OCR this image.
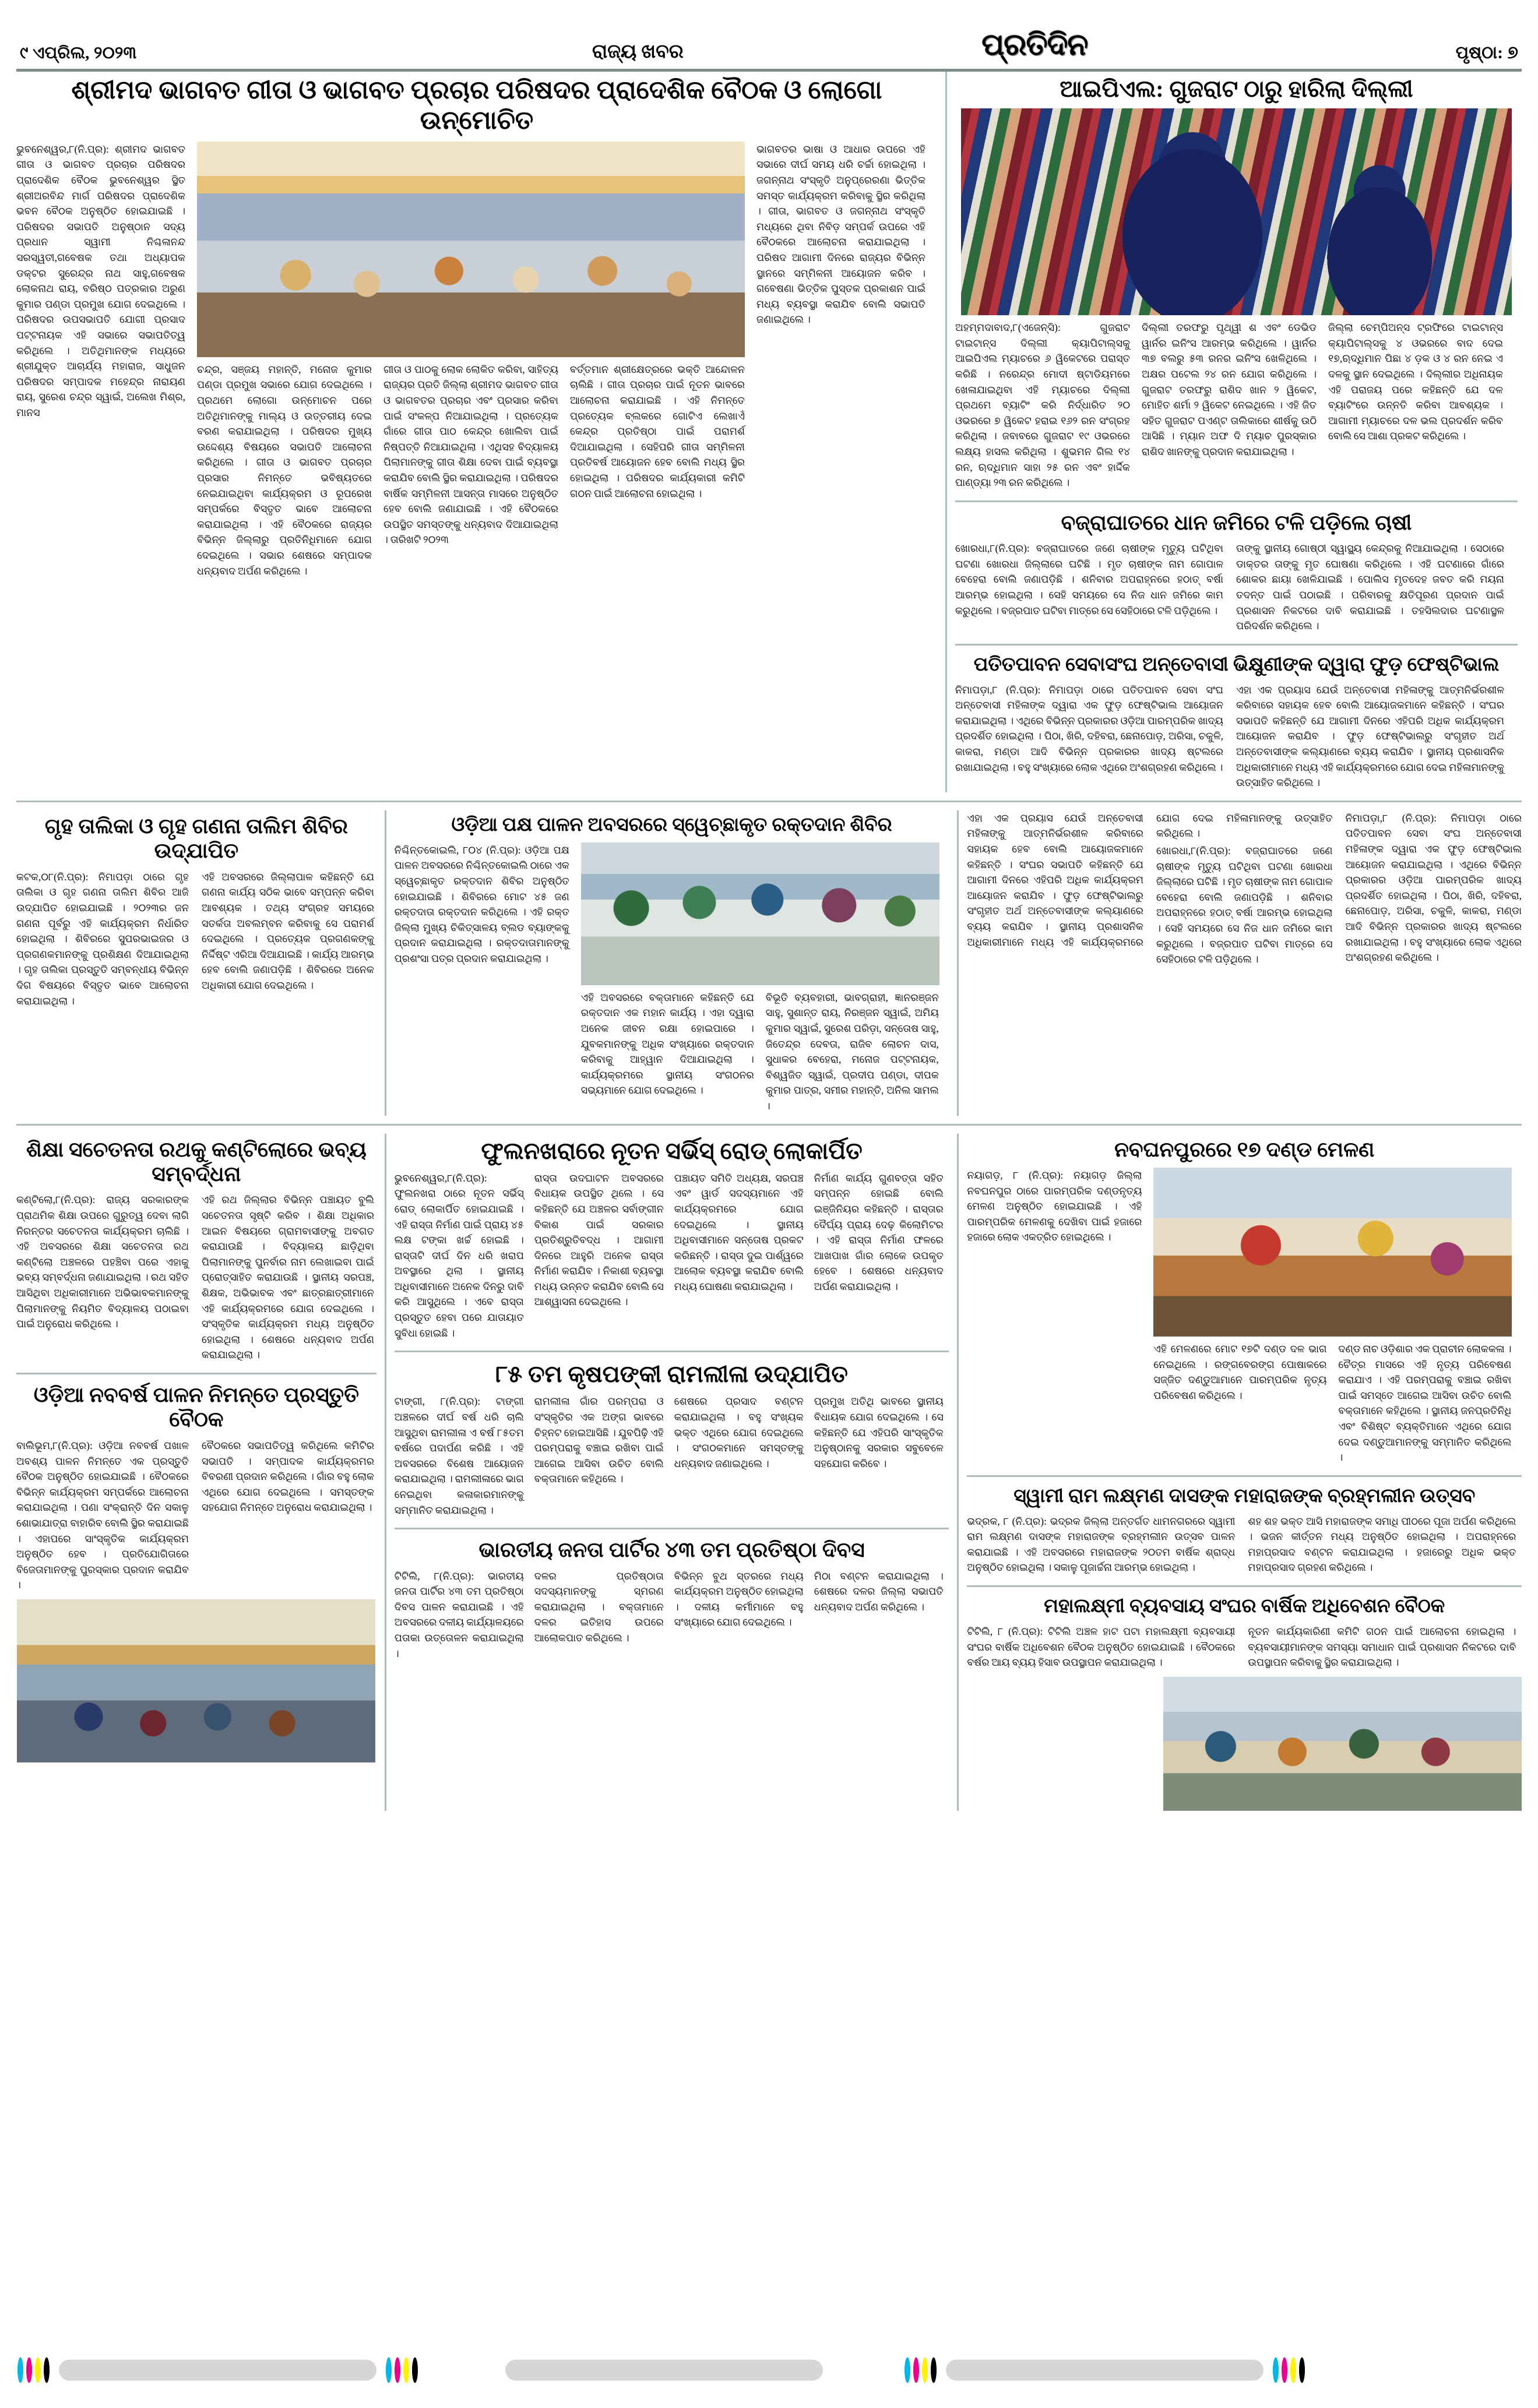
୯ ଏପ୍ରିଲ, ୨୦୨୩	ରାଜ୍ୟ ଖବର	ପ୍ରତିଦିନ	ପୃଷ୍ଠା: ୭
ଶ୍ରୀମଦ ଭାଗବତ ଗୀତା ଓ ଭାଗବତ ପ୍ରଚାର ପରିଷଦର ପ୍ରାଦେଶିକ ବୈଠକ ଓ ଲୋଗୋ ଉନ୍ମୋଚିତ

ଭୁବନେଶ୍ୱର,୮(ନି.ପ୍ର): ଶ୍ରୀମଦ ଭାଗବତ ଗୀତା ଓ ଭାଗବତ ପ୍ରଚାର ପରିଷଦର ପ୍ରାଦେଶିକ ବୈଠକ ଭୁବନେଶ୍ୱର ସ୍ଥିତ ଶ୍ରୀଅରବିନ୍ଦ ମାର୍ଗ ପରିଷଦର ପ୍ରାଦେଶିକ ଭବନ ବୈଠକ ଅନୁଷ୍ଠିତ ହୋଇଯାଇଛି । ପରିଷଦର ସଭାପତି ଅନୁଷ୍ଠାନ ସଦ୍ୟ ପ୍ରଧାନ ସ୍ୱାମୀ ନିଶ୍ଚଳାନନ୍ଦ ସରସ୍ୱତୀ,ଗବେଷକ ତଥା ଅଧ୍ୟାପକ ଡକ୍ଟର ସୁରେନ୍ଦ୍ର ନାଥ ସାହୁ,ଗବେଷକ ଲୋକନାଥ ରାୟ, ବରିଷ୍ଠ ପତ୍ରକାର ଅରୁଣ କୁମାର ପଣ୍ଡା ପ୍ରମୁଖ ଯୋଗ ଦେଇଥିଲେ । ପରିଷଦର ଉପସଭାପତି ଯୋଗୀ ପ୍ରସାଦ ପଟ୍ଟନାୟକ ଏହି ସଭାରେ ସଭାପତିତ୍ୱ କରିଥିଲେ । ଅତିଥିମାନଙ୍କ ମଧ୍ୟରେ ଶ୍ରୀଯୁକ୍ତ ଆଚାର୍ଯ୍ୟ ମହାରାଜ, ସାଧୁଜନ ପରିଷଦର ସମ୍ପାଦକ ମହେନ୍ଦ୍ର ନାରାୟଣ ରାୟ, ସୁରେଶ ଚନ୍ଦ୍ର ସ୍ୱାଇଁ, ଅଲେଖ ମିଶ୍ର, ମାନସ

ଚନ୍ଦ୍ର, ସଞ୍ଜୟ ମହାନ୍ତି, ମନୋଜ କୁମାର ପଣ୍ଡା ପ୍ରମୁଖ ସଭାରେ ଯୋଗ ଦେଇଥିଲେ । ପ୍ରଥମେ ଲୋଗୋ ଉନ୍ମୋଚନ ପରେ ଅତିଥିମାନଙ୍କୁ ମାଲ୍ୟ ଓ ଉତ୍ତରୀୟ ଦେଇ ବରଣ କରାଯାଇଥିଲା । ପରିଷଦର ମୁଖ୍ୟ ଉଦ୍ଦେଶ୍ୟ ବିଷୟରେ ସଭାପତି ଆଲୋଚନା କରିଥିଲେ । ଗୀତା ଓ ଭାଗବତ ପ୍ରଚାର ପ୍ରସାର ନିମନ୍ତେ ଭବିଷ୍ୟତରେ ନେଇଯାଇଥିବା କାର୍ଯ୍ୟକ୍ରମ ଓ ରୂପରେଖ ସମ୍ପର୍କରେ ବିସ୍ତୃତ ଭାବେ ଆଲୋଚନା କରାଯାଇଥିଲା । ଏହି ବୈଠକରେ ରାଜ୍ୟର ବିଭିନ୍ନ ଜିଲ୍ଲାରୁ ପ୍ରତିନିଧିମାନେ ଯୋଗ ଦେଇଥିଲେ । ସଭାର ଶେଷରେ ସମ୍ପାଦକ ଧନ୍ୟବାଦ ଅର୍ପଣ କରିଥିଲେ ।

ଗୀତା ଓ ପାଠକୁ ଲୋକ ଲୋକିତ କରିବା, ସାହିତ୍ୟ ରାଜ୍ୟର ପ୍ରତି ଜିଲ୍ଲା ଶ୍ରୀମଦ ଭାଗବତ ଗୀତା ଓ ଭାଗବତର ପ୍ରଚାର ଏବଂ ପ୍ରସାର କରିବା ପାଇଁ ସଂକଳ୍ପ ନିଆଯାଇଥିଲା । ପ୍ରତ୍ୟେକ ଗାଁରେ ଗୀତା ପାଠ କେନ୍ଦ୍ର ଖୋଲିବା ପାଇଁ ନିଷ୍ପତ୍ତି ନିଆଯାଇଥିଲା । ଏଥିସହ ବିଦ୍ୟାଳୟ ପିଲାମାନଙ୍କୁ ଗୀତା ଶିକ୍ଷା ଦେବା ପାଇଁ ବ୍ୟବସ୍ଥା କରାଯିବ ବୋଲି ସ୍ଥିର କରାଯାଇଥିଲା । ପରିଷଦର ବାର୍ଷିକ ସମ୍ମିଳନୀ ଆସନ୍ତା ମାସରେ ଅନୁଷ୍ଠିତ ହେବ ବୋଲି ଜଣାଯାଇଛି । ଏହି ବୈଠକରେ ଉପସ୍ଥିତ ସମସ୍ତଙ୍କୁ ଧନ୍ୟବାଦ ଦିଆଯାଇଥିଲା । ତାରିଖଟି ୨୦୨୩

ବର୍ତ୍ତମାନ ଶ୍ରୀକ୍ଷେତ୍ରରେ ଭକ୍ତି ଆନ୍ଦୋଳନ ଚାଲିଛି । ଗୀତା ପ୍ରଚାର ପାଇଁ ନୂତନ ଭାବରେ ଆଲୋଚନା କରାଯାଇଛି । ଏହି ନିମନ୍ତେ ପ୍ରତ୍ୟେକ ବ୍ଲକରେ ଗୋଟିଏ ଲେଖାଏଁ କେନ୍ଦ୍ର ପ୍ରତିଷ୍ଠା ପାଇଁ ପରାମର୍ଶ ଦିଆଯାଇଥିଲା । ସେହିପରି ଗୀତା ସମ୍ମିଳନୀ ପ୍ରତିବର୍ଷ ଆୟୋଜନ ହେବ ବୋଲି ମଧ୍ୟ ସ୍ଥିର ହୋଇଥିଲା । ପରିଷଦର କାର୍ଯ୍ୟକାରୀ କମିଟି ଗଠନ ପାଇଁ ଆଲୋଚନା ହୋଇଥିଲା ।

ଭାଗବତର ଭାଷା ଓ ଆଧାର ଉପରେ ଏହି ସଭାରେ ଦୀର୍ଘ ସମୟ ଧରି ଚର୍ଚ୍ଚା ହୋଇଥିଲା । ଜଗନ୍ନାଥ ସଂସ୍କୃତି ଅନୁପ୍ରେରଣା ଭିତ୍ତିକ ସମସ୍ତ କାର୍ଯ୍ୟକ୍ରମ କରିବାକୁ ସ୍ଥିର କରିଥିଲା । ଗୀତା, ଭାଗବତ ଓ ଜଗନ୍ନାଥ ସଂସ୍କୃତି ମଧ୍ୟରେ ଥିବା ନିବିଡ଼ ସମ୍ପର୍କ ଉପରେ ଏହି ବୈଠକରେ ଆଲୋଚନା କରାଯାଇଥିଲା । ପରିଷଦ ଆଗାମୀ ଦିନରେ ରାଜ୍ୟର ବିଭିନ୍ନ ସ୍ଥାନରେ ସମ୍ମିଳନୀ ଆୟୋଜନ କରିବ । ଗବେଷଣା ଭିତ୍ତିକ ପୁସ୍ତକ ପ୍ରକାଶନ ପାଇଁ ମଧ୍ୟ ବ୍ୟବସ୍ଥା କରାଯିବ ବୋଲି ସଭାପତି ଜଣାଇଥିଲେ ।

ଆଇପିଏଲ: ଗୁଜରାଟ ଠାରୁ ହାରିଲା ଦିଲ୍ଲୀ

ଅହମ୍ମଦାବାଦ,୮(ଏଜେନ୍ସି): ଗୁଜରାଟ ଟାଇଟାନ୍ସ ଦିଲ୍ଲୀ କ୍ୟାପିଟାଲ୍ସକୁ ଆଇପିଏଲ ମ୍ୟାଚରେ ୬ ୱିକେଟରେ ପରାସ୍ତ କରିଛି । ନରେନ୍ଦ୍ର ମୋଦୀ ଷ୍ଟାଡିୟମରେ ଖେଳାଯାଇଥିବା ଏହି ମ୍ୟାଚରେ ଦିଲ୍ଲୀ ପ୍ରଥମେ ବ୍ୟାଟିଂ କରି ନିର୍ଦ୍ଧାରିତ ୨୦ ଓଭରରେ ୭ ୱିକେଟ ହରାଇ ୧୬୨ ରନ ସଂଗ୍ରହ କରିଥିଲା । ଜବାବରେ ଗୁଜରାଟ ୧୯ ଓଭରରେ ଲକ୍ଷ୍ୟ ହାସଲ କରିଥିଲା । ଶୁଭମନ ଗିଲ ୧୪ ରନ, ଋଦ୍ଧିମାନ ସାହା ୨୫ ରନ ଏବଂ ହାର୍ଦ୍ଦିକ ପାଣ୍ଡ୍ୟା ୨୩ ରନ କରିଥିଲେ ।

ଦିଲ୍ଲୀ ତରଫରୁ ପୃଥ୍ୱୀ ଶ ଏବଂ ଡେଭିଡ ୱାର୍ନର ଇନିଂସ ଆରମ୍ଭ କରିଥିଲେ । ୱାର୍ନର ୩୭ ବଲରୁ ୫୩ ରନର ଇନିଂସ ଖେଳିଥିଲେ । ଅକ୍ଷର ପଟେଲ ୨୪ ରନ ଯୋଗ କରିଥିଲେ । ଗୁଜରାଟ ତରଫରୁ ରାଶିଦ ଖାନ ୨ ୱିକେଟ, ମୋହିତ ଶର୍ମା ୨ ୱିକେଟ ନେଇଥିଲେ । ଏହି ଜିତ ସହିତ ଗୁଜରାଟ ପଏଣ୍ଟ ତାଲିକାରେ ଶୀର୍ଷକୁ ଉଠି ଆସିଛି । ମ୍ୟାନ ଅଫ ଦି ମ୍ୟାଚ ପୁରସ୍କାର ରାଶିଦ ଖାନଙ୍କୁ ପ୍ରଦାନ କରାଯାଇଥିଲା ।

ଜିଲ୍ଲା ଚେମ୍ପିଅନ୍ସ ଟ୍ରଫିରେ ଟାଇଟାନ୍ସ କ୍ୟାପିଟାଲ୍ସକୁ ୪ ଓଭରରେ ବାଦ ଦେଇ ୧୭,ଋଦ୍ଧିମାନ ପିଛା ୪ ଡ଼କ ଓ ୪ ରନ ନେଇ ଏ ଦଳକୁ ସ୍ଥାନ ଦେଇଥିଲେ । ଦିଲ୍ଲୀର ଅଧିନାୟକ ଏହି ପରାଜୟ ପରେ କହିଛନ୍ତି ଯେ ଦଳ ବ୍ୟାଟିଂରେ ଉନ୍ନତି କରିବା ଆବଶ୍ୟକ । ଆଗାମୀ ମ୍ୟାଚରେ ଦଳ ଭଲ ପ୍ରଦର୍ଶନ କରିବ ବୋଲି ସେ ଆଶା ପ୍ରକଟ କରିଥିଲେ ।

ବଜ୍ରାଘାତରେ ଧାନ ଜମିରେ ଟଳି ପଡ଼ିଲେ ଚାଷୀ

ଖୋରଧା,୮(ନି.ପ୍ର): ବଜ୍ରାଘାତରେ ଜଣେ ଚାଷୀଙ୍କ ମୃତ୍ୟୁ ଘଟିଥିବା ଘଟଣା ଖୋରଧା ଜିଲ୍ଲାରେ ଘଟିଛି । ମୃତ ଚାଷୀଙ୍କ ନାମ ଗୋପାଳ ବେହେରା ବୋଲି ଜଣାପଡ଼ିଛି । ଶନିବାର ଅପରାହ୍ନରେ ହଠାତ୍ ବର୍ଷା ଆରମ୍ଭ ହୋଇଥିଲା । ସେହି ସମୟରେ ସେ ନିଜ ଧାନ ଜମିରେ କାମ କରୁଥିଲେ । ବଜ୍ରପାତ ଘଟିବା ମାତ୍ରେ ସେ ସେହିଠାରେ ଟଳି ପଡ଼ିଥିଲେ ।

ତାଙ୍କୁ ସ୍ଥାନୀୟ ଗୋଷ୍ଠୀ ସ୍ୱାସ୍ଥ୍ୟ କେନ୍ଦ୍ରକୁ ନିଆଯାଇଥିଲା । ସେଠାରେ ଡାକ୍ତର ତାଙ୍କୁ ମୃତ ଘୋଷଣା କରିଥିଲେ । ଏହି ଘଟଣାରେ ଗାଁରେ ଶୋକର ଛାୟା ଖେଳିଯାଇଛି । ପୋଲିସ ମୃତଦେହ ଜବତ କରି ମୟନା ତଦନ୍ତ ପାଇଁ ପଠାଇଛି । ପରିବାରକୁ କ୍ଷତିପୂରଣ ପ୍ରଦାନ ପାଇଁ ପ୍ରଶାସନ ନିକଟରେ ଦାବି କରାଯାଇଛି । ତହସିଲଦାର ଘଟଣାସ୍ଥଳ ପରିଦର୍ଶନ କରିଥିଲେ ।

ପତିତପାବନ ସେବାସଂଘ ଅନ୍ତେବାସୀ ଭିକ୍ଷୁଣୀଙ୍କ ଦ୍ୱାରା ଫୁଡ଼ ଫେଷ୍ଟିଭାଲ

ନିମାପଡ଼ା,୮ (ନି.ପ୍ର): ନିମାପଡ଼ା ଠାରେ ପତିତପାବନ ସେବା ସଂଘ ଅନ୍ତେବାସୀ ମହିଳାଙ୍କ ଦ୍ୱାରା ଏକ ଫୁଡ଼ ଫେଷ୍ଟିଭାଲ ଆୟୋଜନ କରାଯାଇଥିଲା । ଏଥିରେ ବିଭିନ୍ନ ପ୍ରକାରର ଓଡ଼ିଆ ପାରମ୍ପରିକ ଖାଦ୍ୟ ପ୍ରଦର୍ଶିତ ହୋଇଥିଲା । ପିଠା, ଖିରି, ଦହିବରା, ଛେନାପୋଡ଼, ଅରିସା, ଚକୁଳି, କାକରା, ମଣ୍ଡା ଆଦି ବିଭିନ୍ନ ପ୍ରକାରର ଖାଦ୍ୟ ଷ୍ଟଲରେ ରଖାଯାଇଥିଲା । ବହୁ ସଂଖ୍ୟାରେ ଲୋକ ଏଥିରେ ଅଂଶଗ୍ରହଣ କରିଥିଲେ ।

ଏହା ଏକ ପ୍ରୟାସ ଯେଉଁ ଅନ୍ତେବାସୀ ମହିଳାଙ୍କୁ ଆତ୍ମନିର୍ଭରଶୀଳ କରିବାରେ ସହାୟକ ହେବ ବୋଲି ଆୟୋଜକମାନେ କହିଛନ୍ତି । ସଂଘର ସଭାପତି କହିଛନ୍ତି ଯେ ଆଗାମୀ ଦିନରେ ଏହିପରି ଅଧିକ କାର୍ଯ୍ୟକ୍ରମ ଆୟୋଜନ କରାଯିବ । ଫୁଡ଼ ଫେଷ୍ଟିଭାଲରୁ ସଂଗୃହୀତ ଅର୍ଥ ଅନ୍ତେବାସୀଙ୍କ କଲ୍ୟାଣରେ ବ୍ୟୟ କରାଯିବ । ସ୍ଥାନୀୟ ପ୍ରଶାସନିକ ଅଧିକାରୀମାନେ ମଧ୍ୟ ଏହି କାର୍ଯ୍ୟକ୍ରମରେ ଯୋଗ ଦେଇ ମହିଳାମାନଙ୍କୁ ଉତ୍ସାହିତ କରିଥିଲେ ।

ଗୃହ ତାଲିକା ଓ ଗୃହ ଗଣନା ତାଲିମ ଶିବିର ଉଦ୍‌ଯାପିତ

କଟକ,୦୮(ନି.ପ୍ର): ନିମାପଡ଼ା ଠାରେ ଗୃହ ତାଲିକା ଓ ଗୃହ ଗଣନା ତାଲିମ ଶିବିର ଆଜି ଉଦ୍‌ଯାପିତ ହୋଇଯାଇଛି । ୨୦୨୩ର ଜନ ଗଣନା ପୂର୍ବରୁ ଏହି କାର୍ଯ୍ୟକ୍ରମ ନିର୍ଧାରିତ ହୋଇଥିଲା । ଶିବିରରେ ସୁପରଭାଇଜର ଓ ପ୍ରଗଣକମାନଙ୍କୁ ପ୍ରଶିକ୍ଷଣ ଦିଆଯାଇଥିଲା । ଗୃହ ତାଲିକା ପ୍ରସ୍ତୁତି ସମ୍ବନ୍ଧୀୟ ବିଭିନ୍ନ ଦିଗ ବିଷୟରେ ବିସ୍ତୃତ ଭାବେ ଆଲୋଚନା କରାଯାଇଥିଲା ।

ଏହି ଅବସରରେ ଜିଲ୍ଲାପାଳ କହିଛନ୍ତି ଯେ ଗଣନା କାର୍ଯ୍ୟ ସଠିକ ଭାବେ ସମ୍ପନ୍ନ କରିବା ଆବଶ୍ୟକ । ତଥ୍ୟ ସଂଗ୍ରହ ସମୟରେ ସତର୍କତା ଅବଲମ୍ବନ କରିବାକୁ ସେ ପରାମର୍ଶ ଦେଇଥିଲେ । ପ୍ରତ୍ୟେକ ପ୍ରଗଣକଙ୍କୁ ନିର୍ଦ୍ଦିଷ୍ଟ ଏରିଆ ଦିଆଯାଇଛି । କାର୍ଯ୍ୟ ଆରମ୍ଭ ହେବ ବୋଲି ଜଣାପଡ଼ିଛି । ଶିବିରରେ ଅନେକ ଅଧିକାରୀ ଯୋଗ ଦେଇଥିଲେ ।

ଓଡ଼ିଆ ପକ୍ଷ ପାଳନ ଅବସରରେ ସ୍ୱେଚ୍ଛାକୃତ ରକ୍ତଦାନ ଶିବିର

ନିଶ୍ଚିନ୍ତକୋଇଲି, ୮୦୪ (ନି.ପ୍ର): ଓଡ଼ିଆ ପକ୍ଷ ପାଳନ ଅବସରରେ ନିଶ୍ଚିନ୍ତକୋଇଲି ଠାରେ ଏକ ସ୍ୱେଚ୍ଛାକୃତ ରକ୍ତଦାନ ଶିବିର ଅନୁଷ୍ଠିତ ହୋଇଯାଇଛି । ଶିବିରରେ ମୋଟ ୪୫ ଜଣ ରକ୍ତଦାତା ରକ୍ତଦାନ କରିଥିଲେ । ଏହି ରକ୍ତ ଜିଲ୍ଲା ମୁଖ୍ୟ ଚିକିତ୍ସାଳୟ ବ୍ଲଡ ବ୍ୟାଙ୍କକୁ ପ୍ରଦାନ କରାଯାଇଥିଲା । ରକ୍ତଦାତାମାନଙ୍କୁ ପ୍ରଶଂସା ପତ୍ର ପ୍ରଦାନ କରାଯାଇଥିଲା ।

ଏହି ଅବସରରେ ବକ୍ତାମାନେ କହିଛନ୍ତି ଯେ ରକ୍ତଦାନ ଏକ ମହାନ କାର୍ଯ୍ୟ । ଏହା ଦ୍ୱାରା ଅନେକ ଜୀବନ ରକ୍ଷା ହୋଇପାରେ । ଯୁବକମାନଙ୍କୁ ଅଧିକ ସଂଖ୍ୟାରେ ରକ୍ତଦାନ କରିବାକୁ ଆହ୍ୱାନ ଦିଆଯାଇଥିଲା । କାର୍ଯ୍ୟକ୍ରମରେ ସ୍ଥାନୀୟ ସଂଗଠନର ସଭ୍ୟମାନେ ଯୋଗ ଦେଇଥିଲେ ।

ବିଭୂତି ବ୍ୟବହାରୀ, ଭାବଗ୍ରାହୀ, ଜ୍ଞାନରଞ୍ଜନ ସାହୁ, ସୁଶାନ୍ତ ରାୟ, ନିରଞ୍ଜନ ସ୍ୱାଇଁ, ଅମିୟ କୁମାର ସ୍ୱାଇଁ, ସୁରେଶ ପରିଡ଼ା, ସନ୍ତୋଷ ସାହୁ, ଜିତେନ୍ଦ୍ର ଦେବତା, ରାଜିବ ଲୋଚନ ଦାସ, ସୁଧାକର ବେହେରା, ମନୋଜ ପଟ୍ଟନାୟକ, ବିଶ୍ୱଜିତ ସ୍ୱାଇଁ, ପ୍ରଦୀପ ପଣ୍ଡା, ଦୀପକ କୁମାର ପାତ୍ର, ସମୀର ମହାନ୍ତି, ଅନିଲ ସାମଲ ।

ଏହା ଏକ ପ୍ରୟାସ ଯେଉଁ ଅନ୍ତେବାସୀ ମହିଳାଙ୍କୁ ଆତ୍ମନିର୍ଭରଶୀଳ କରିବାରେ ସହାୟକ ହେବ ବୋଲି ଆୟୋଜକମାନେ କହିଛନ୍ତି । ସଂଘର ସଭାପତି କହିଛନ୍ତି ଯେ ଆଗାମୀ ଦିନରେ ଏହିପରି ଅଧିକ କାର୍ଯ୍ୟକ୍ରମ ଆୟୋଜନ କରାଯିବ । ଫୁଡ଼ ଫେଷ୍ଟିଭାଲରୁ ସଂଗୃହୀତ ଅର୍ଥ ଅନ୍ତେବାସୀଙ୍କ କଲ୍ୟାଣରେ ବ୍ୟୟ କରାଯିବ । ସ୍ଥାନୀୟ ପ୍ରଶାସନିକ ଅଧିକାରୀମାନେ ମଧ୍ୟ ଏହି କାର୍ଯ୍ୟକ୍ରମରେ ଯୋଗ ଦେଇ ମହିଳାମାନଙ୍କୁ ଉତ୍ସାହିତ କରିଥିଲେ ।

ଖୋରଧା,୮(ନି.ପ୍ର): ବଜ୍ରାଘାତରେ ଜଣେ ଚାଷୀଙ୍କ ମୃତ୍ୟୁ ଘଟିଥିବା ଘଟଣା ଖୋରଧା ଜିଲ୍ଲାରେ ଘଟିଛି । ମୃତ ଚାଷୀଙ୍କ ନାମ ଗୋପାଳ ବେହେରା ବୋଲି ଜଣାପଡ଼ିଛି । ଶନିବାର ଅପରାହ୍ନରେ ହଠାତ୍ ବର୍ଷା ଆରମ୍ଭ ହୋଇଥିଲା । ସେହି ସମୟରେ ସେ ନିଜ ଧାନ ଜମିରେ କାମ କରୁଥିଲେ । ବଜ୍ରପାତ ଘଟିବା ମାତ୍ରେ ସେ ସେହିଠାରେ ଟଳି ପଡ଼ିଥିଲେ ।

ନିମାପଡ଼ା,୮ (ନି.ପ୍ର): ନିମାପଡ଼ା ଠାରେ ପତିତପାବନ ସେବା ସଂଘ ଅନ୍ତେବାସୀ ମହିଳାଙ୍କ ଦ୍ୱାରା ଏକ ଫୁଡ଼ ଫେଷ୍ଟିଭାଲ ଆୟୋଜନ କରାଯାଇଥିଲା । ଏଥିରେ ବିଭିନ୍ନ ପ୍ରକାରର ଓଡ଼ିଆ ପାରମ୍ପରିକ ଖାଦ୍ୟ ପ୍ରଦର୍ଶିତ ହୋଇଥିଲା । ପିଠା, ଖିରି, ଦହିବରା, ଛେନାପୋଡ଼, ଅରିସା, ଚକୁଳି, କାକରା, ମଣ୍ଡା ଆଦି ବିଭିନ୍ନ ପ୍ରକାରର ଖାଦ୍ୟ ଷ୍ଟଲରେ ରଖାଯାଇଥିଲା । ବହୁ ସଂଖ୍ୟାରେ ଲୋକ ଏଥିରେ ଅଂଶଗ୍ରହଣ କରିଥିଲେ ।

ଶିକ୍ଷା ସଚେତନତା ରଥକୁ କଣ୍ଟିଲୋରେ ଭବ୍ୟ ସମ୍ବର୍ଦ୍ଧନା

କଣ୍ଟିଲୋ,୮(ନି.ପ୍ର): ରାଜ୍ୟ ସରକାରଙ୍କ ପ୍ରାଥମିକ ଶିକ୍ଷା ଉପରେ ଗୁରୁତ୍ୱ ଦେବା ଲାଗି ନିରନ୍ତର ସଚେତନତା କାର୍ଯ୍ୟକ୍ରମ ଚାଲିଛି । ଏହି ଅବସରରେ ଶିକ୍ଷା ସଚେତନତା ରଥ କଣ୍ଟିଲୋ ଅଞ୍ଚଳରେ ପହଞ୍ଚିବା ପରେ ଏହାକୁ ଭବ୍ୟ ସମ୍ବର୍ଦ୍ଧନା ଜଣାଯାଇଥିଲା । ରଥ ସହିତ ଆସିଥିବା ଅଧିକାରୀମାନେ ଅଭିଭାବକମାନଙ୍କୁ ପିଲାମାନଙ୍କୁ ନିୟମିତ ବିଦ୍ୟାଳୟ ପଠାଇବା ପାଇଁ ଅନୁରୋଧ କରିଥିଲେ ।

ଏହି ରଥ ଜିଲ୍ଲାର ବିଭିନ୍ନ ପଞ୍ଚାୟତ ବୁଲି ସଚେତନତା ସୃଷ୍ଟି କରିବ । ଶିକ୍ଷା ଅଧିକାର ଆଇନ ବିଷୟରେ ଗ୍ରାମବାସୀଙ୍କୁ ଅବଗତ କରାଯାଉଛି । ବିଦ୍ୟାଳୟ ଛାଡ଼ିଥିବା ପିଲାମାନଙ୍କୁ ପୁନର୍ବାର ନାମ ଲେଖାଇବା ପାଇଁ ପ୍ରୋତ୍ସାହିତ କରାଯାଉଛି । ସ୍ଥାନୀୟ ସରପଞ୍ଚ, ଶିକ୍ଷକ, ଅଭିଭାବକ ଏବଂ ଛାତ୍ରଛାତ୍ରୀମାନେ ଏହି କାର୍ଯ୍ୟକ୍ରମରେ ଯୋଗ ଦେଇଥିଲେ । ସଂସ୍କୃତିକ କାର୍ଯ୍ୟକ୍ରମ ମଧ୍ୟ ଅନୁଷ୍ଠିତ ହୋଇଥିଲା । ଶେଷରେ ଧନ୍ୟବାଦ ଅର୍ପଣ କରାଯାଇଥିଲା ।

ଓଡ଼ିଆ ନବବର୍ଷ ପାଳନ ନିମନ୍ତେ ପ୍ରସ୍ତୁତି ବୈଠକ

ବାଲିଭୂମ,୮(ନି.ପ୍ର): ଓଡ଼ିଆ ନବବର୍ଷ ପଖାଳ ଅବଶ୍ୟ ପାଳନ ନିମନ୍ତେ ଏକ ପ୍ରସ୍ତୁତି ବୈଠକ ଅନୁଷ୍ଠିତ ହୋଇଯାଇଛି । ବୈଠକରେ ବିଭିନ୍ନ କାର୍ଯ୍ୟକ୍ରମ ସମ୍ପର୍କରେ ଆଲୋଚନା କରାଯାଇଥିଲା । ପଣା ସଂକ୍ରାନ୍ତି ଦିନ ସକାଳୁ ଶୋଭାଯାତ୍ରା ବାହାରିବ ବୋଲି ସ୍ଥିର କରାଯାଇଛି । ଏହାପରେ ସାଂସ୍କୃତିକ କାର୍ଯ୍ୟକ୍ରମ ଅନୁଷ୍ଠିତ ହେବ । ପ୍ରତିଯୋଗିତାରେ ବିଜେତାମାନଙ୍କୁ ପୁରସ୍କାର ପ୍ରଦାନ କରାଯିବ ।

ବୈଠକରେ ସଭାପତିତ୍ୱ କରିଥିଲେ କମିଟିର ସଭାପତି । ସମ୍ପାଦକ କାର୍ଯ୍ୟକ୍ରମର ବିବରଣୀ ପ୍ରଦାନ କରିଥିଲେ । ଗାଁର ବହୁ ଲୋକ ଏଥିରେ ଯୋଗ ଦେଇଥିଲେ । ସମସ୍ତଙ୍କ ସହଯୋଗ ନିମନ୍ତେ ଅନୁରୋଧ କରାଯାଇଥିଲା ।

ଫୁଲନଖରାରେ ନୂତନ ସର୍ଭିସ୍ ରୋଡ୍ ଲୋକାର୍ପିତ

ଭୁବନେଶ୍ୱର,୮(ନି.ପ୍ର): ଫୁଲନଖରା ଠାରେ ନୂତନ ସର୍ଭିସ୍ ରୋଡ୍ ଲୋକାର୍ପିତ ହୋଇଯାଇଛି । ଏହି ରାସ୍ତା ନିର୍ମାଣ ପାଇଁ ପ୍ରାୟ ୪୫ ଲକ୍ଷ ଟଙ୍କା ଖର୍ଚ୍ଚ ହୋଇଛି । ରାସ୍ତାଟି ଦୀର୍ଘ ଦିନ ଧରି ଖରାପ ଅବସ୍ଥାରେ ଥିଲା । ସ୍ଥାନୀୟ ଅଧିବାସୀମାନେ ଅନେକ ଦିନରୁ ଦାବି କରି ଆସୁଥିଲେ । ଏବେ ରାସ୍ତା ପ୍ରସ୍ତୁତ ହେବା ପରେ ଯାତାୟାତ ସୁବିଧା ହୋଇଛି ।

ରାସ୍ତା ଉଦଘାଟନ ଅବସରରେ ବିଧାୟକ ଉପସ୍ଥିତ ଥିଲେ । ସେ କହିଛନ୍ତି ଯେ ଅଞ୍ଚଳର ସର୍ବାଙ୍ଗୀନ ବିକାଶ ପାଇଁ ସରକାର ପ୍ରତିଶ୍ରୁତିବଦ୍ଧ । ଆଗାମୀ ଦିନରେ ଆହୁରି ଅନେକ ରାସ୍ତା ନିର୍ମାଣ କରାଯିବ । ନିକାଶୀ ବ୍ୟବସ୍ଥା ମଧ୍ୟ ଉନ୍ନତ କରାଯିବ ବୋଲି ସେ ଆଶ୍ୱାସନା ଦେଇଥିଲେ ।

ପଞ୍ଚାୟତ ସମିତି ଅଧ୍ୟକ୍ଷ, ସରପଞ୍ଚ ଏବଂ ୱାର୍ଡ ସଦସ୍ୟମାନେ ଏହି କାର୍ଯ୍ୟକ୍ରମରେ ଯୋଗ ଦେଇଥିଲେ । ସ୍ଥାନୀୟ ଅଧିବାସୀମାନେ ସନ୍ତୋଷ ପ୍ରକଟ କରିଛନ୍ତି । ରାସ୍ତା ଦୁଇ ପାର୍ଶ୍ୱରେ ଆଲୋକ ବ୍ୟବସ୍ଥା କରାଯିବ ବୋଲି ମଧ୍ୟ ଘୋଷଣା କରାଯାଇଥିଲା ।

ନିର୍ମାଣ କାର୍ଯ୍ୟ ଗୁଣବତ୍ତା ସହିତ ସମ୍ପନ୍ନ ହୋଇଛି ବୋଲି ଇଞ୍ଜିନିୟର କହିଛନ୍ତି । ରାସ୍ତାର ଦୈର୍ଘ୍ୟ ପ୍ରାୟ ଦେଢ଼ କିଲୋମିଟର । ଏହି ରାସ୍ତା ନିର୍ମାଣ ଫଳରେ ଆଖପାଖ ଗାଁର ଲୋକେ ଉପକୃତ ହେବେ । ଶେଷରେ ଧନ୍ୟବାଦ ଅର୍ପଣ କରାଯାଇଥିଲା ।

୮୫ ତମ କୃଷପଙ୍କୀ ରାମଲୀଳା ଉଦ୍‌ଯାପିତ

ଟାଙ୍ଗୀ, ୮(ନି.ପ୍ର): ଟାଙ୍ଗୀ ଅଞ୍ଚଳରେ ଦୀର୍ଘ ବର୍ଷ ଧରି ଚାଲି ଆସୁଥିବା ରାମଲୀଳା ଏ ବର୍ଷ ୮୫ତମ ବର୍ଷରେ ପଦାର୍ପଣ କରିଛି । ଏହି ଅବସରରେ ବିଶେଷ ଆୟୋଜନ କରାଯାଇଥିଲା । ରାମଲୀଳାରେ ଭାଗ ନେଇଥିବା କଳାକାରମାନଙ୍କୁ ସମ୍ମାନିତ କରାଯାଇଥିଲା ।

ରାମଲୀଳା ଗାଁର ପରମ୍ପରା ଓ ସଂସ୍କୃତିର ଏକ ଅଙ୍ଗ ଭାବରେ ଚିହ୍ନଟ ହୋଇଆସିଛି । ଯୁବପିଢ଼ି ଏହି ପରମ୍ପରାକୁ ବଞ୍ଚାଇ ରଖିବା ପାଇଁ ଆଗେଇ ଆସିବା ଉଚିତ ବୋଲି ବକ୍ତାମାନେ କହିଥିଲେ ।

ଶେଷରେ ପ୍ରସାଦ ବଣ୍ଟନ କରାଯାଇଥିଲା । ବହୁ ସଂଖ୍ୟକ ଭକ୍ତ ଏଥିରେ ଯୋଗ ଦେଇଥିଲେ । ସଂଗଠକମାନେ ସମସ୍ତଙ୍କୁ ଧନ୍ୟବାଦ ଜଣାଇଥିଲେ ।

ପ୍ରମୁଖ ଅତିଥି ଭାବରେ ସ୍ଥାନୀୟ ବିଧାୟକ ଯୋଗ ଦେଇଥିଲେ । ସେ କହିଛନ୍ତି ଯେ ଏହିପରି ସାଂସ୍କୃତିକ ଅନୁଷ୍ଠାନକୁ ସରକାର ସବୁବେଳେ ସହଯୋଗ କରିବେ ।

ଭାରତୀୟ ଜନତା ପାର୍ଟିର ୪୩ ତମ ପ୍ରତିଷ୍ଠା ଦିବସ

ଟିଟିଲି, ୮(ନି.ପ୍ର): ଭାରତୀୟ ଜନତା ପାର୍ଟିର ୪୩ ତମ ପ୍ରତିଷ୍ଠା ଦିବସ ପାଳନ କରାଯାଇଛି । ଏହି ଅବସରରେ ଦଳୀୟ କାର୍ଯ୍ୟାଳୟରେ ପତାକା ଉତ୍ତୋଳନ କରାଯାଇଥିଲା ।

ଦଳର ପ୍ରତିଷ୍ଠାତା ସଦସ୍ୟମାନଙ୍କୁ ସ୍ମରଣ କରାଯାଇଥିଲା । ବକ୍ତାମାନେ ଦଳର ଇତିହାସ ଉପରେ ଆଲୋକପାତ କରିଥିଲେ ।

ବିଭିନ୍ନ ବୁଥ ସ୍ତରରେ ମଧ୍ୟ କାର୍ଯ୍ୟକ୍ରମ ଅନୁଷ୍ଠିତ ହୋଇଥିଲା । ଦଳୀୟ କର୍ମୀମାନେ ବହୁ ସଂଖ୍ୟାରେ ଯୋଗ ଦେଇଥିଲେ ।

ମିଠା ବଣ୍ଟନ କରାଯାଇଥିଲା । ଶେଷରେ ଦଳର ଜିଲ୍ଲା ସଭାପତି ଧନ୍ୟବାଦ ଅର୍ପଣ କରିଥିଲେ ।

ନବଘନପୁରରେ ୧୭ ଦଣ୍ଡ ମେଳଣ

ନୟାଗଡ଼, ୮ (ନି.ପ୍ର): ନୟାଗଡ଼ ଜିଲ୍ଲା ନବଘନପୁର ଠାରେ ପାରମ୍ପରିକ ଦଣ୍ଡନୃତ୍ୟ ମେଳଣ ଅନୁଷ୍ଠିତ ହୋଇଯାଇଛି । ଏହି ପାରମ୍ପରିକ ମେଳଣକୁ ଦେଖିବା ପାଇଁ ହଜାରେ ହଜାରେ ଲୋକ ଏକତ୍ରିତ ହୋଇଥିଲେ ।

ଏହି ମେଳଣରେ ମୋଟ ୧୭ଟି ଦଣ୍ଡ ଦଳ ଭାଗ ନେଇଥିଲେ । ରଙ୍ଗବେରଙ୍ଗ ପୋଷାକରେ ସଜ୍ଜିତ ଦଣ୍ଡୁଆମାନେ ପାରମ୍ପରିକ ନୃତ୍ୟ ପରିବେଷଣ କରିଥିଲେ ।

ଦଣ୍ଡ ନାଚ ଓଡ଼ିଶାର ଏକ ପ୍ରାଚୀନ ଲୋକକଳା । ଚୈତ୍ର ମାସରେ ଏହି ନୃତ୍ୟ ପରିବେଷଣ କରାଯାଏ । ଏହି ପରମ୍ପରାକୁ ବଞ୍ଚାଇ ରଖିବା ପାଇଁ ସମସ୍ତେ ଆଗେଇ ଆସିବା ଉଚିତ ବୋଲି ବକ୍ତାମାନେ କହିଥିଲେ । ସ୍ଥାନୀୟ ଜନପ୍ରତିନିଧି ଏବଂ ବିଶିଷ୍ଟ ବ୍ୟକ୍ତିମାନେ ଏଥିରେ ଯୋଗ ଦେଇ ଦଣ୍ଡୁଆମାନଙ୍କୁ ସମ୍ମାନିତ କରିଥିଲେ ।

ସ୍ୱାମୀ ରାମ ଲକ୍ଷ୍ମଣ ଦାସଙ୍କ ମହାରାଜଙ୍କ ବ୍ରହ୍ମଲୀନ ଉତ୍ସବ

ଭଦ୍ରକ, ୮ (ନି.ପ୍ର): ଭଦ୍ରକ ଜିଲ୍ଲା ଅନ୍ତର୍ଗତ ଧାମନଗରରେ ସ୍ୱାମୀ ରାମ ଲକ୍ଷ୍ମଣ ଦାସଙ୍କ ମହାରାଜଙ୍କ ବ୍ରହ୍ମଲୀନ ଉତ୍ସବ ପାଳନ କରାଯାଇଛି । ଏହି ଅବସରରେ ମହାରାଜଙ୍କ ୨୦ତମ ବାର୍ଷିକ ଶ୍ରାଦ୍ଧ ଅନୁଷ୍ଠିତ ହୋଇଥିଲା । ସକାଳୁ ପୂଜାର୍ଚ୍ଚନା ଆରମ୍ଭ ହୋଇଥିଲା ।

ଶହ ଶହ ଭକ୍ତ ଆସି ମହାରାଜଙ୍କ ସମାଧି ପୀଠରେ ପୂଜା ଅର୍ପଣ କରିଥିଲେ । ଭଜନ କୀର୍ତ୍ତନ ମଧ୍ୟ ଅନୁଷ୍ଠିତ ହୋଇଥିଲା । ଅପରାହ୍ନରେ ମହାପ୍ରସାଦ ବଣ୍ଟନ କରାଯାଇଥିଲା । ହଜାରେରୁ ଅଧିକ ଭକ୍ତ ମହାପ୍ରସାଦ ଗ୍ରହଣ କରିଥିଲେ ।

ମହାଲକ୍ଷ୍ମୀ ବ୍ୟବସାୟ ସଂଘର ବାର୍ଷିକ ଅଧିବେଶନ ବୈଠକ

ଟିଟିଲି, ୮ (ନି.ପ୍ର): ଟିଟିଲି ଅଞ୍ଚଳ ହାଟ ପଟା ମହାଲକ୍ଷ୍ମୀ ବ୍ୟବସାୟୀ ସଂଘର ବାର୍ଷିକ ଅଧିବେଶନ ବୈଠକ ଅନୁଷ୍ଠିତ ହୋଇଯାଇଛି । ବୈଠକରେ ବର୍ଷର ଆୟ ବ୍ୟୟ ହିସାବ ଉପସ୍ଥାପନ କରାଯାଇଥିଲା ।

ନୂତନ କାର୍ଯ୍ୟକାରିଣୀ କମିଟି ଗଠନ ପାଇଁ ଆଲୋଚନା ହୋଇଥିଲା । ବ୍ୟବସାୟୀମାନଙ୍କ ସମସ୍ୟା ସମାଧାନ ପାଇଁ ପ୍ରଶାସନ ନିକଟରେ ଦାବି ଉପସ୍ଥାପନ କରିବାକୁ ସ୍ଥିର କରାଯାଇଥିଲା ।
